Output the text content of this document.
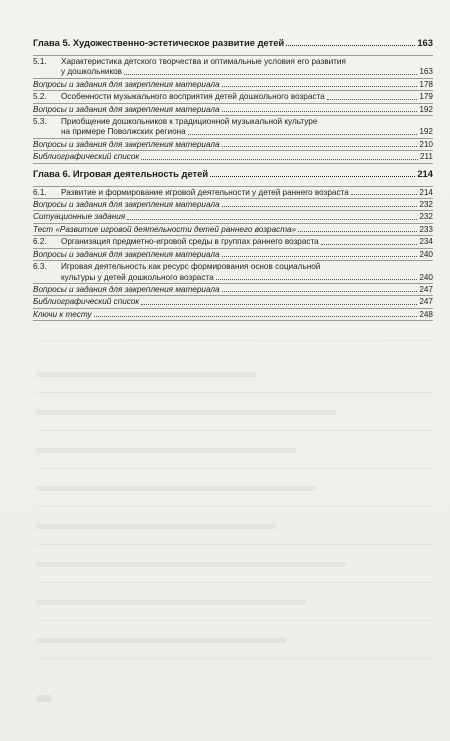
Глава 5. Художественно-эстетическое развитие детей	163
5.1.	Характеристика детского творчества и оптимальные условия его развития
у дошкольников	163
Вопросы и задания для закрепления материала	178
5.2.	Особенности музыкального восприятия детей дошкольного возраста	179
Вопросы и задания для закрепления материала	192
5.3.	Приобщение дошкольников к традиционной музыкальной культуре
на примере Поволжских региона	192
Вопросы и задания для закрепления материала	210
Библиографический список	211
Глава 6. Игровая деятельность детей	214
6.1.	Развитие и формирование игровой деятельности у детей раннего возраста	214
Вопросы и задания для закрепления материала	232
Ситуационные задания	232
Тест «Развитие игровой деятельности детей раннего возраста»	233
6.2.	Организация предметно-игровой среды в группах раннего возраста	234
Вопросы и задания для закрепления материала	240
6.3.	Игровая деятельность как ресурс формирования основ социальной
культуры у детей дошкольного возраста	240
Вопросы и задания для закрепления материала	247
Библиографический список	247
Ключи к тесту	248
